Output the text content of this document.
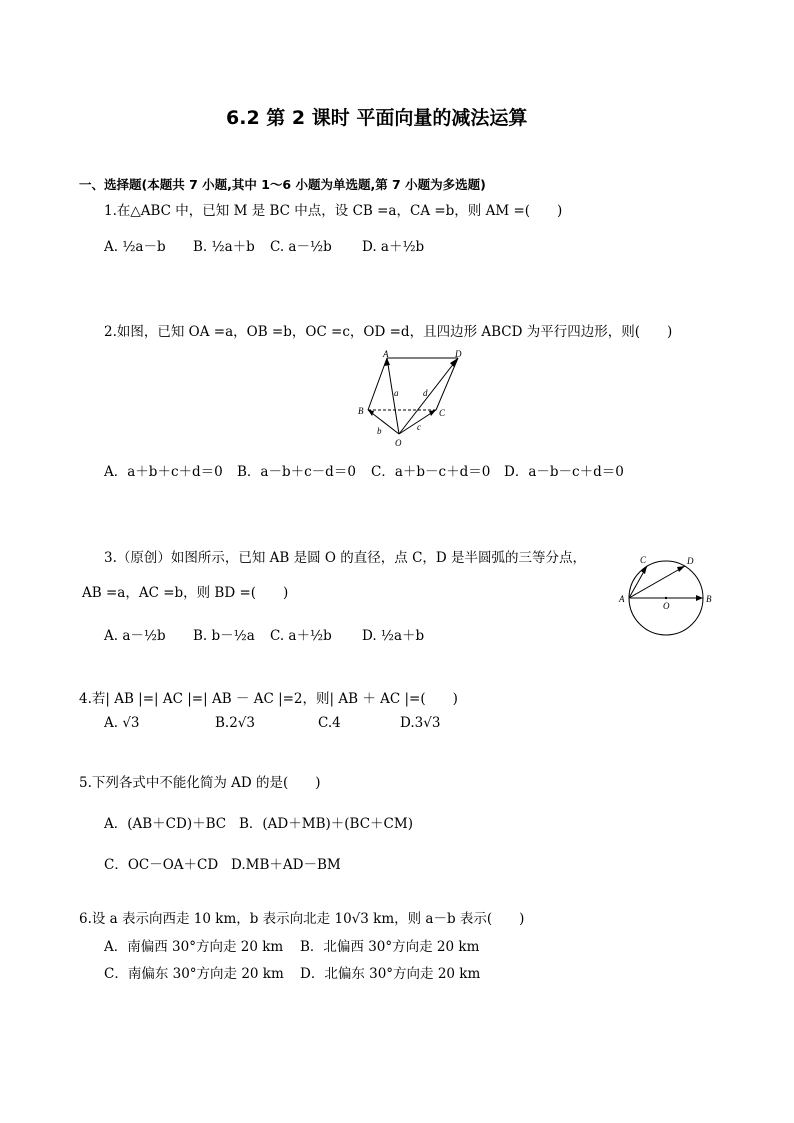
6.2 第 2 课时 平面向量的减法运算
一、选择题(本题共 7 小题,其中 1～6 小题为单选题,第 7 小题为多选题)
1.在△ABC 中，已知 M 是 BC 中点，设 CB =a，CA =b，则 AM =(　　)
A. ½a－b B. ½a＋b C. a－½b D. a＋½b
2.如图，已知 OA =a，OB =b，OC =c，OD =d，且四边形 ABCD 为平行四边形，则(　　)
A	D
B	C
O
a	d
b	c
A．a＋b＋c＋d＝0 B．a－b＋c－d＝0 C．a＋b－c＋d＝0 D．a－b－c＋d＝0
3.（原创）如图所示，已知 AB 是圆 O 的直径，点 C，D 是半圆弧的三等分点，
AB =a，AC =b，则 BD =(　　)
C	D
A
O
B
A. a－½b B. b－½a C. a＋½b D. ½a＋b
4.若| AB |=| AC |=| AB － AC |=2，则| AB ＋ AC |=(　　)
A. √3	B.2√3	C.4	D.3√3
5.下列各式中不能化简为 AD 的是(　　)
A．(AB＋CD)＋BC B．(AD＋MB)＋(BC＋CM)
C．OC－OA＋CD D.MB＋AD－BM
6.设 a 表示向西走 10 km，b 表示向北走 10√3 km，则 a－b 表示(　　)
A．南偏西 30°方向走 20 km B．北偏西 30°方向走 20 km
C．南偏东 30°方向走 20 km D．北偏东 30°方向走 20 km
